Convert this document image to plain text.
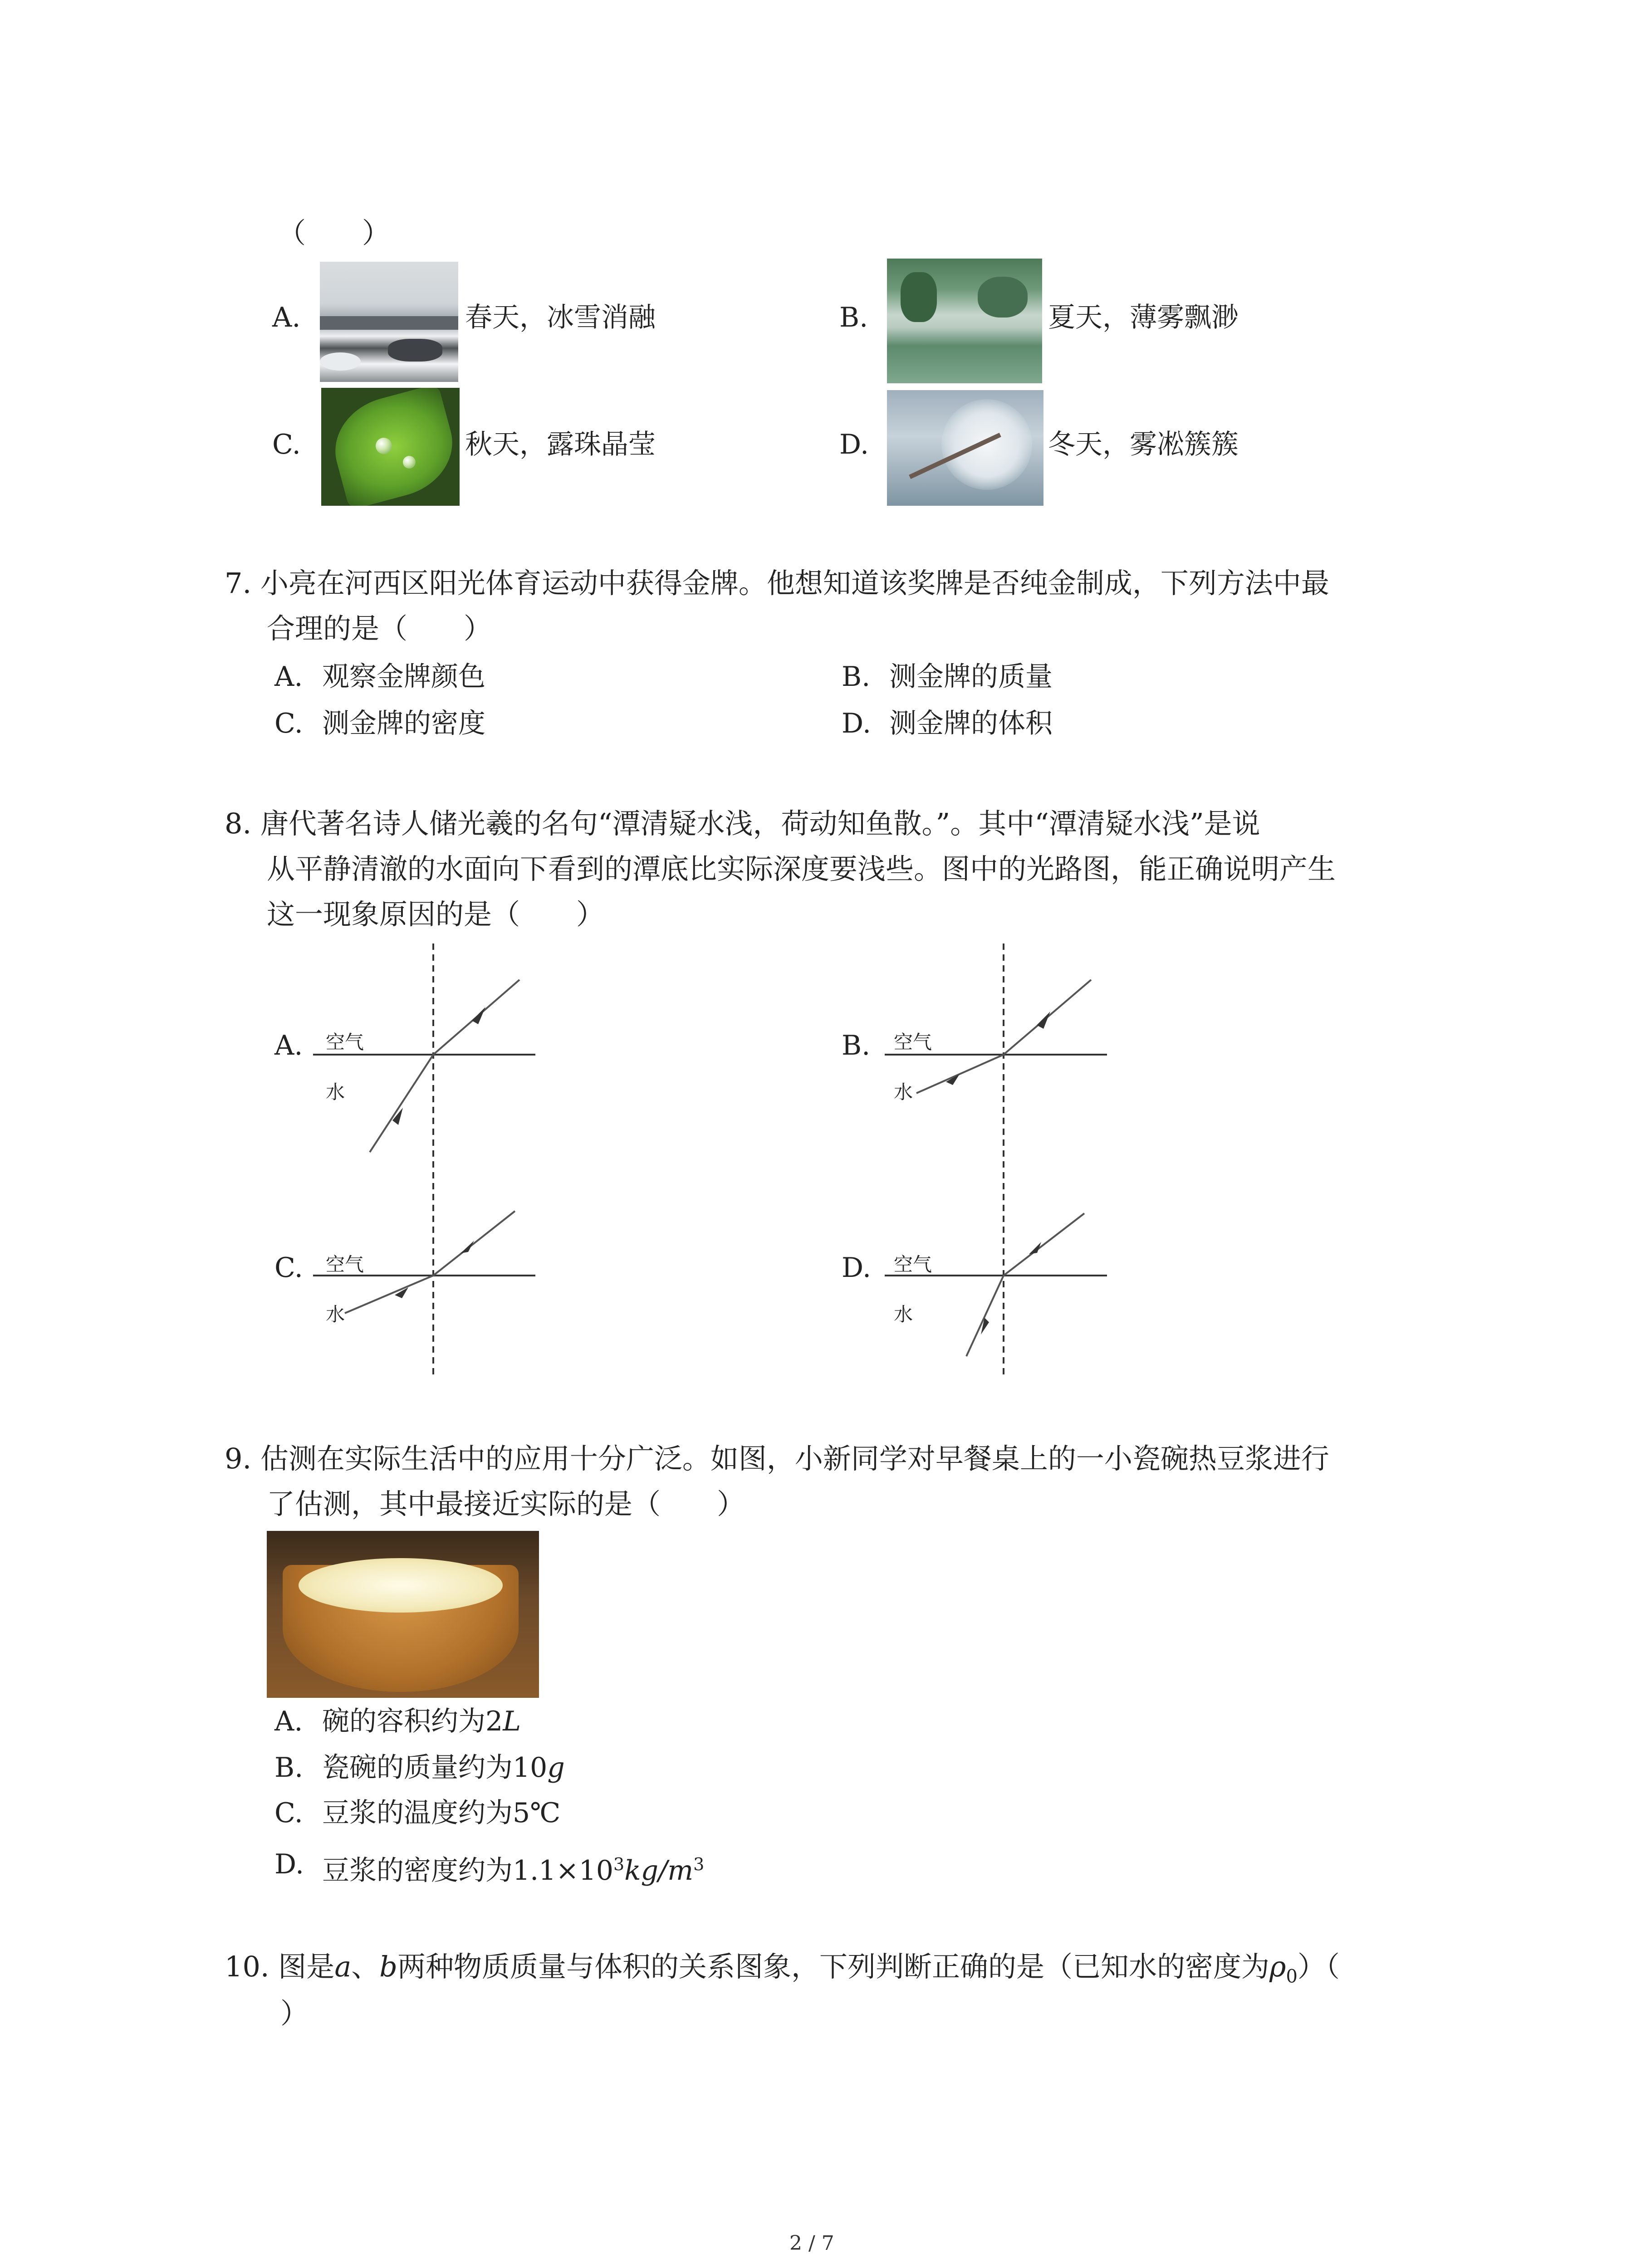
（　　）
A.	春天，冰雪消融	B.	夏天，薄雾飘渺
C.	秋天，露珠晶莹	D.	冬天，雾凇簇簇
7. 小亮在河西区阳光体育运动中获得金牌。他想知道该奖牌是否纯金制成，下列方法中最
合理的是（　　）
A. 观察金牌颜色	B. 测金牌的质量
C. 测金牌的密度	D. 测金牌的体积
8. 唐代著名诗人储光羲的名句“潭清疑水浅，荷动知鱼散。”。其中“潭清疑水浅”是说
从平静清澈的水面向下看到的潭底比实际深度要浅些。图中的光路图，能正确说明产生
这一现象原因的是（　　）
A. 空气
水
B. 空气
水
C. 空气
水
D. 空气
水
9. 估测在实际生活中的应用十分广泛。如图，小新同学对早餐桌上的一小瓷碗热豆浆进行
了估测，其中最接近实际的是（　　）
A. 碗的容积约为2L
B. 瓷碗的质量约为10g
C. 豆浆的温度约为5℃
D. 豆浆的密度约为$1.1\times 10^3kg/m^3$
10. 图是a、b两种物质质量与体积的关系图象，下列判断正确的是（已知水的密度为$\rho_0$）（
）
2 / 7
